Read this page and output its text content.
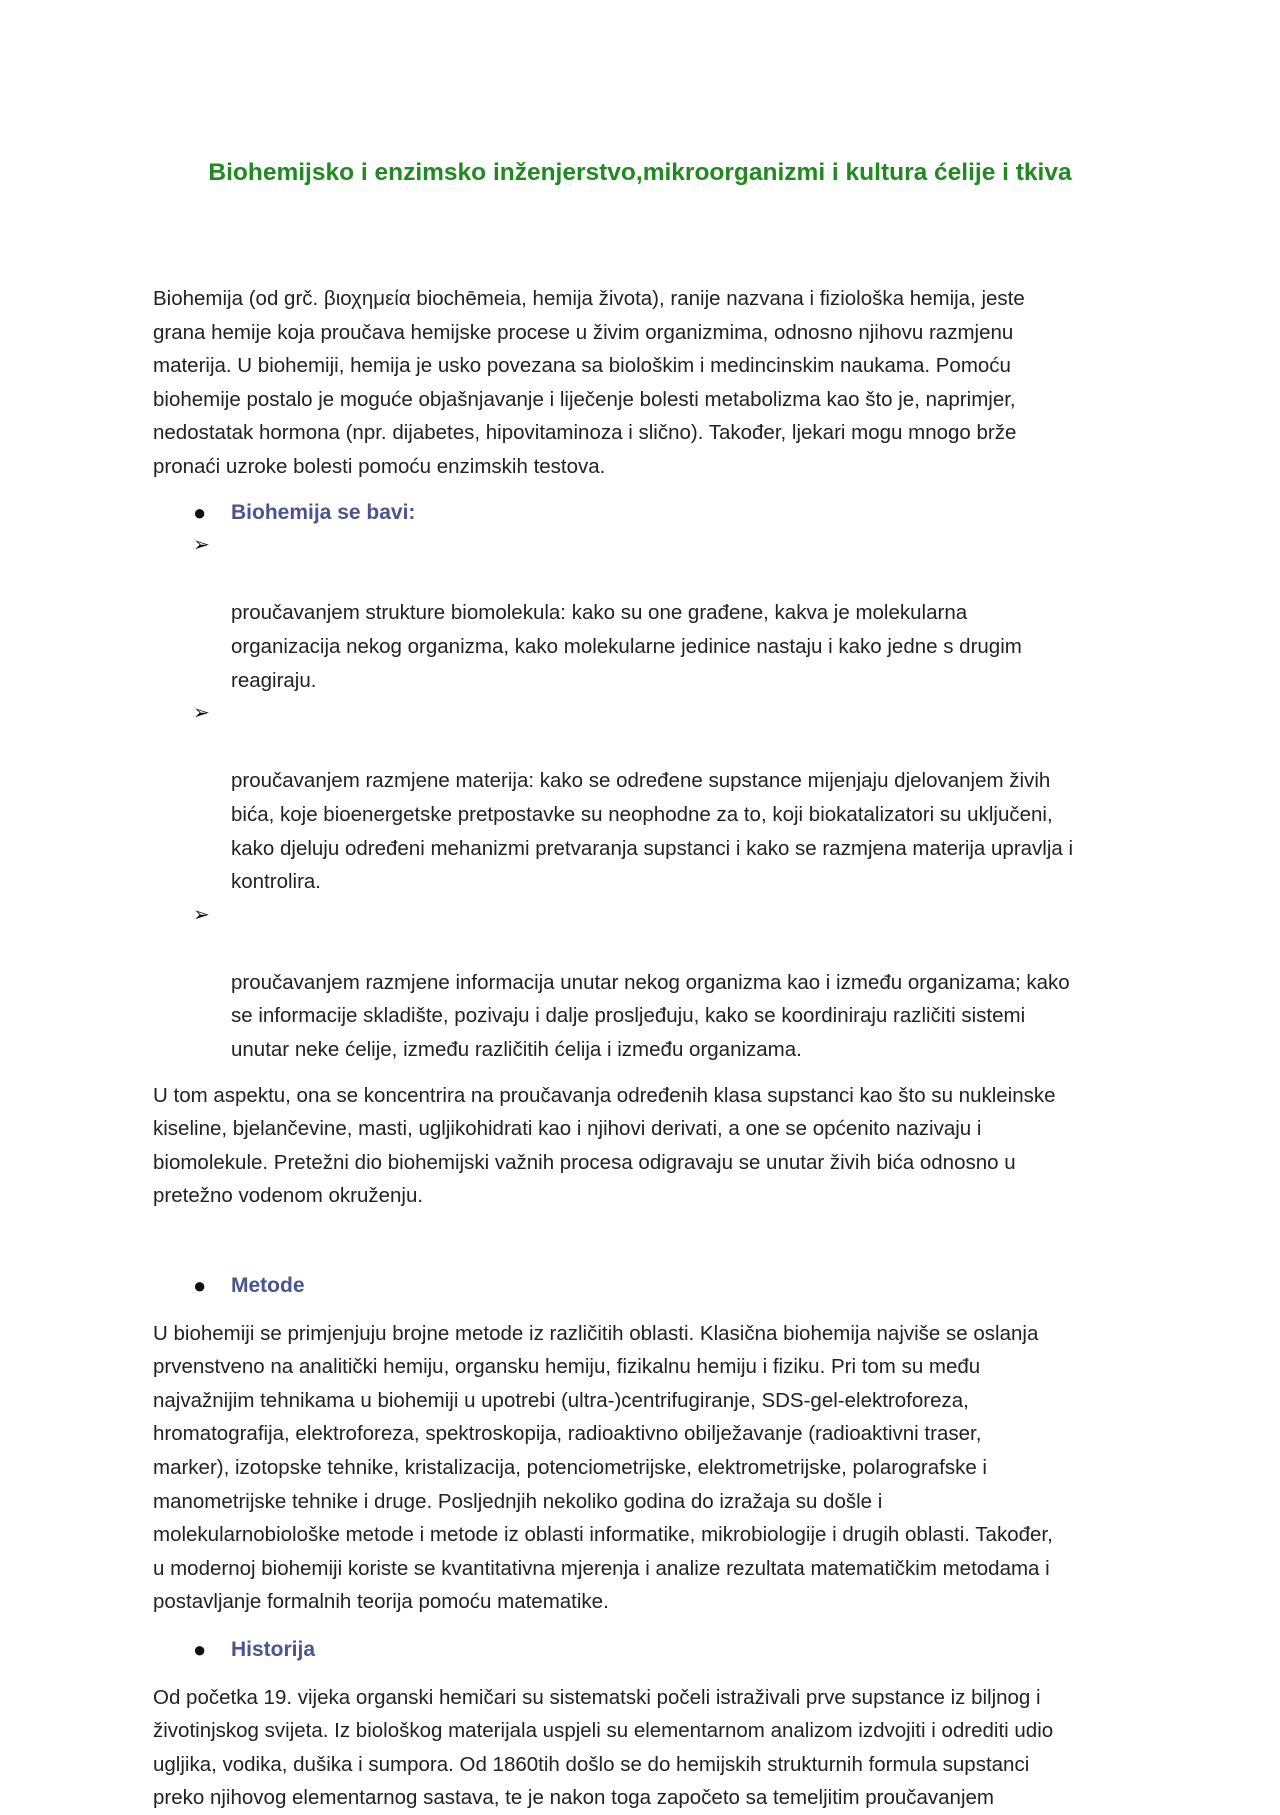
Biohemijsko i enzimsko inženjerstvo,mikroorganizmi i kultura ćelije i tkiva

Biohemija (od grč. βιοχημεία biochēmeia, hemija života), ranije nazvana i fiziološka hemija, jeste
grana hemije koja proučava hemijske procese u živim organizmima, odnosno njihovu razmjenu
materija. U biohemiji, hemija je usko povezana sa biološkim i medincinskim naukama. Pomoću
biohemije postalo je moguće objašnjavanje i liječenje bolesti metabolizma kao što je, naprimjer,
nedostatak hormona (npr. dijabetes, hipovitaminoza i slično). Također, ljekari mogu mnogo brže
pronaći uzroke bolesti pomoću enzimskih testova.

● Biohemija se bavi:

➢

proučavanjem strukture biomolekula: kako su one građene, kakva je molekularna
organizacija nekog organizma, kako molekularne jedinice nastaju i kako jedne s drugim
reagiraju.

➢

proučavanjem razmjene materija: kako se određene supstance mijenjaju djelovanjem živih
bića, koje bioenergetske pretpostavke su neophodne za to, koji biokatalizatori su uključeni,
kako djeluju određeni mehanizmi pretvaranja supstanci i kako se razmjena materija upravlja i
kontrolira.

➢

proučavanjem razmjene informacija unutar nekog organizma kao i između organizama; kako
se informacije skladište, pozivaju i dalje prosljeđuju, kako se koordiniraju različiti sistemi
unutar neke ćelije, između različitih ćelija i između organizama.

U tom aspektu, ona se koncentrira na proučavanja određenih klasa supstanci kao što su nukleinske
kiseline, bjelančevine, masti, ugljikohidrati kao i njihovi derivati, a one se općenito nazivaju i
biomolekule. Pretežni dio biohemijski važnih procesa odigravaju se unutar živih bića odnosno u
pretežno vodenom okruženju.

● Metode

U biohemiji se primjenjuju brojne metode iz različitih oblasti. Klasična biohemija najviše se oslanja
prvenstveno na analitički hemiju, organsku hemiju, fizikalnu hemiju i fiziku. Pri tom su među
najvažnijim tehnikama u biohemiji u upotrebi (ultra-)centrifugiranje, SDS-gel-elektroforeza,
hromatografija, elektroforeza, spektroskopija, radioaktivno obilježavanje (radioaktivni traser,
marker), izotopske tehnike, kristalizacija, potenciometrijske, elektrometrijske, polarografske i
manometrijske tehnike i druge. Posljednjih nekoliko godina do izražaja su došle i
molekularnobiološke metode i metode iz oblasti informatike, mikrobiologije i drugih oblasti. Također,
u modernoj biohemiji koriste se kvantitativna mjerenja i analize rezultata matematičkim metodama i
postavljanje formalnih teorija pomoću matematike.

● Historija

Od početka 19. vijeka organski hemičari su sistematski počeli istraživali prve supstance iz biljnog i
životinjskog svijeta. Iz biološkog materijala uspjeli su elementarnom analizom izdvojiti i odrediti udio
ugljika, vodika, dušika i sumpora. Od 1860tih došlo se do hemijskih strukturnih formula supstanci
preko njihovog elementarnog sastava, te je nakon toga započeto sa temeljitim proučavanjem
